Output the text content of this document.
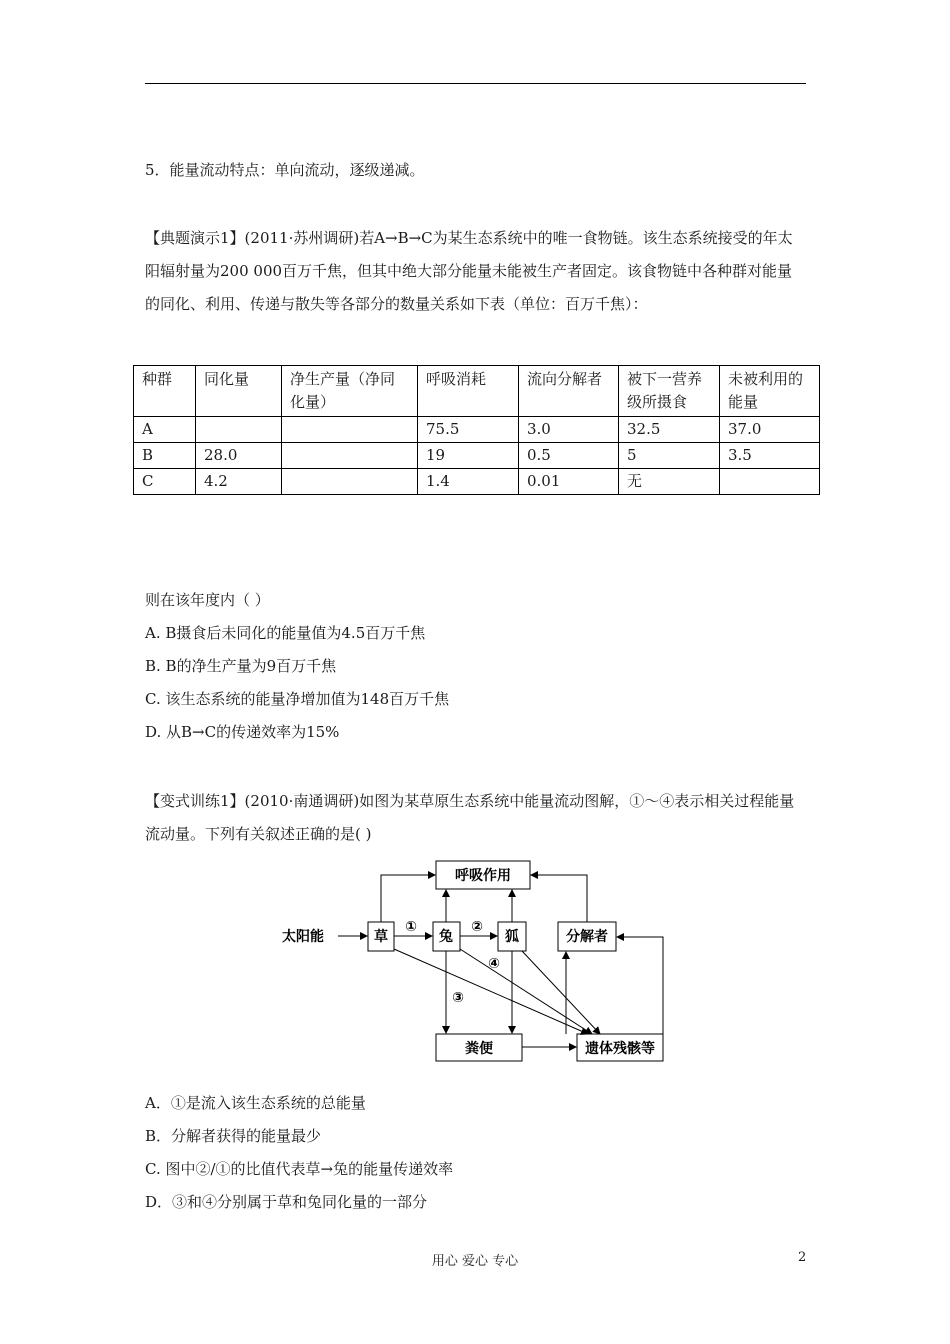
5．能量流动特点：单向流动，逐级递减。
【典题演示1】(2011·苏州调研)若A→B→C为某生态系统中的唯一食物链。该生态系统接受的年太阳辐射量为200 000百万千焦，但其中绝大部分能量未能被生产者固定。该食物链中各种群对能量的同化、利用、传递与散失等各部分的数量关系如下表（单位：百万千焦）：
种群	同化量	净生产量（净同化量）	呼吸消耗	流向分解者	被下一营养级所摄食	未被利用的能量
A			75.5	3.0	32.5	37.0
B	28.0		19	0.5	5	3.5
C	4.2		1.4	0.01	无	
则在该年度内（ ）
A. B摄食后未同化的能量值为4.5百万千焦
B. B的净生产量为9百万千焦
C. 该生态系统的能量净增加值为148百万千焦
D. 从B→C的传递效率为15%
【变式训练1】(2010·南通调研)如图为某草原生态系统中能量流动图解，①～④表示相关过程能量流动量。下列有关叙述正确的是( )
呼吸作用
太阳能	草	兔	狐	分解者
粪便	遗体残骸等
①	②
③
④
A．①是流入该生态系统的总能量
B．分解者获得的能量最少
C. 图中②/①的比值代表草→兔的能量传递效率
D．③和④分别属于草和兔同化量的一部分
用心 爱心 专心	2
